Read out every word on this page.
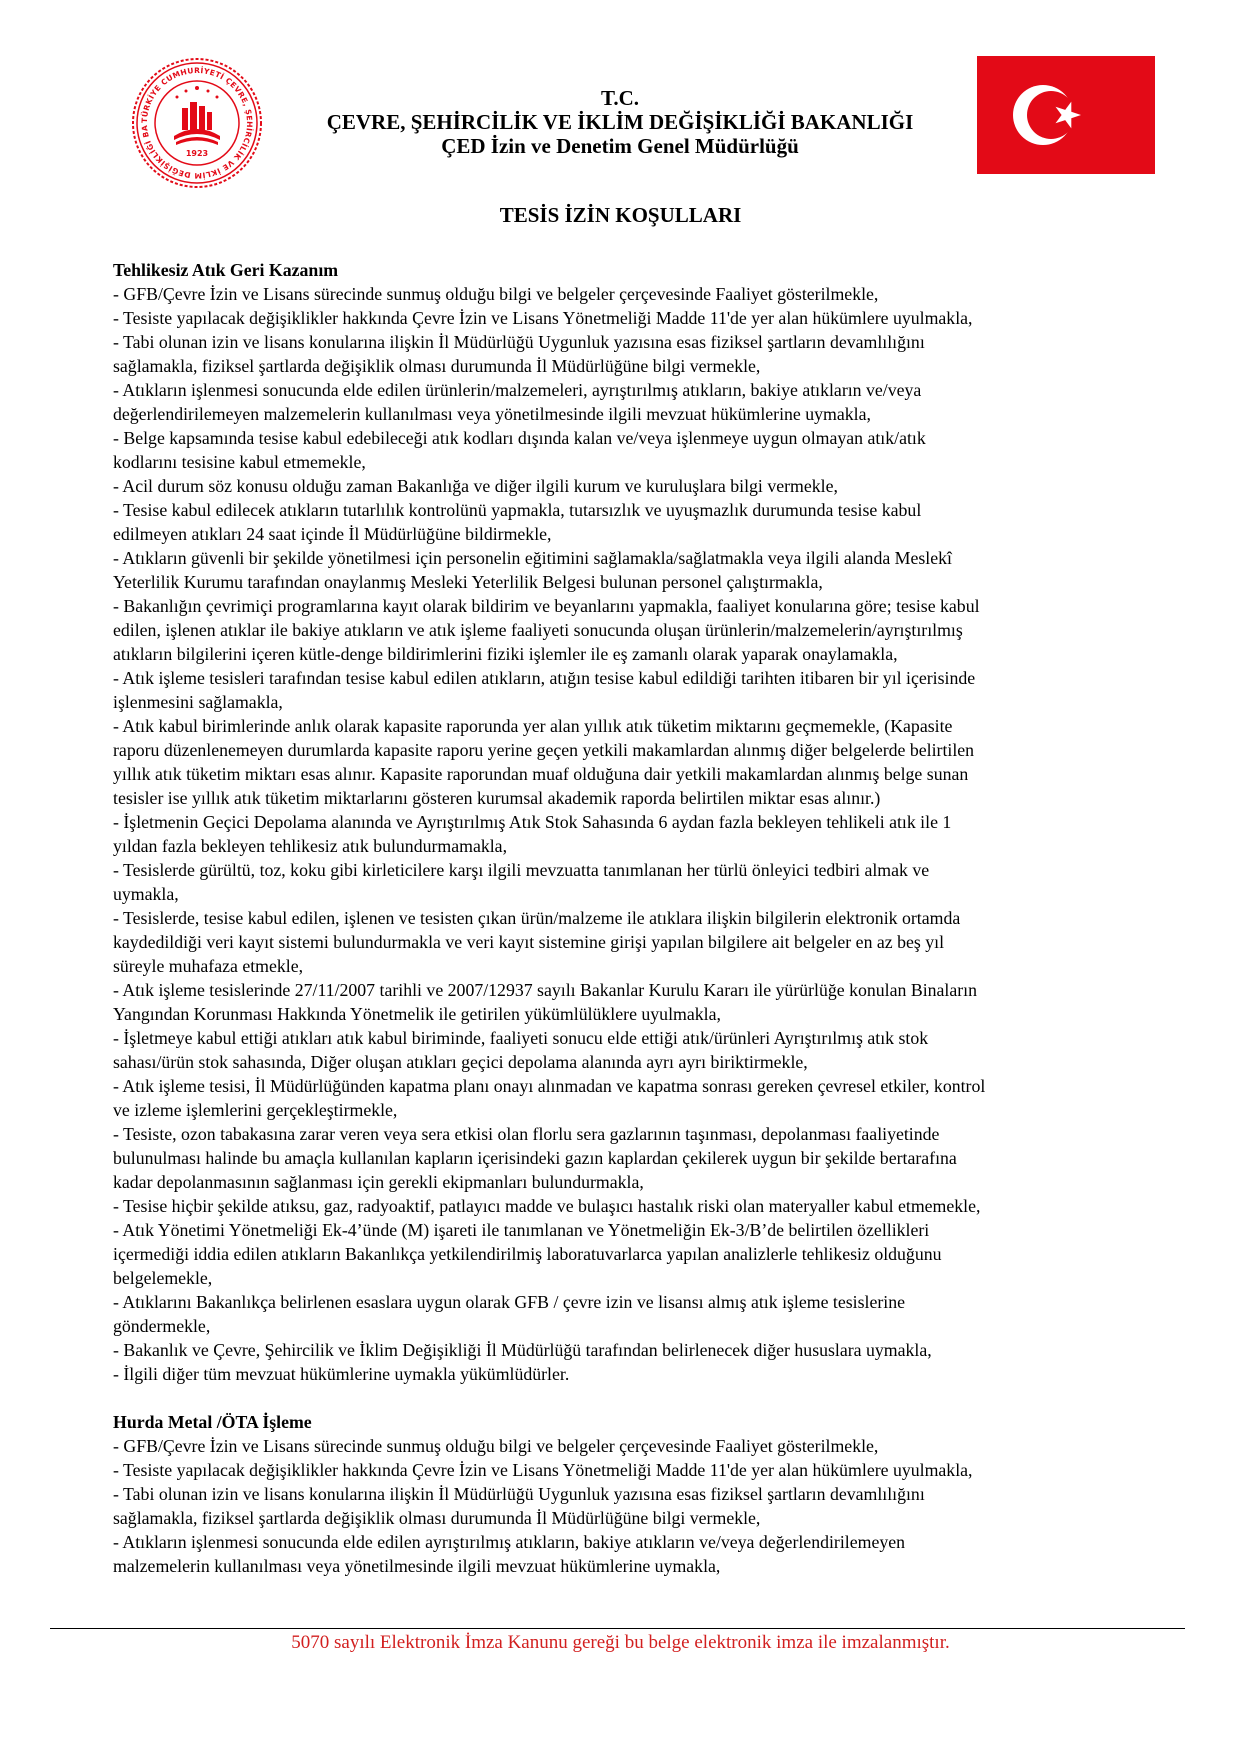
TÜRKİYE CUMHURİYETİ ÇEVRE, ŞEHİRCİLİK VE İKLİM DEĞİŞİKLİĞİ BA
1923
T.C.
ÇEVRE, ŞEHİRCİLİK VE İKLİM DEĞİŞİKLİĞİ BAKANLIĞI
ÇED İzin ve Denetim Genel Müdürlüğü
TESİS İZİN KOŞULLARI
Tehlikesiz Atık Geri Kazanım
- GFB/Çevre İzin ve Lisans sürecinde sunmuş olduğu bilgi ve belgeler çerçevesinde Faaliyet gösterilmekle,
- Tesiste yapılacak değişiklikler hakkında Çevre İzin ve Lisans Yönetmeliği Madde 11'de yer alan hükümlere uyulmakla,
- Tabi olunan izin ve lisans konularına ilişkin İl Müdürlüğü Uygunluk yazısına esas fiziksel şartların devamlılığını
sağlamakla, fiziksel şartlarda değişiklik olması durumunda İl Müdürlüğüne bilgi vermekle,
- Atıkların işlenmesi sonucunda elde edilen ürünlerin/malzemeleri, ayrıştırılmış atıkların, bakiye atıkların ve/veya
değerlendirilemeyen malzemelerin kullanılması veya yönetilmesinde ilgili mevzuat hükümlerine uymakla,
- Belge kapsamında tesise kabul edebileceği atık kodları dışında kalan ve/veya işlenmeye uygun olmayan atık/atık
kodlarını tesisine kabul etmemekle,
- Acil durum söz konusu olduğu zaman Bakanlığa ve diğer ilgili kurum ve kuruluşlara bilgi vermekle,
- Tesise kabul edilecek atıkların tutarlılık kontrolünü yapmakla, tutarsızlık ve uyuşmazlık durumunda tesise kabul
edilmeyen atıkları 24 saat içinde İl Müdürlüğüne bildirmekle,
- Atıkların güvenli bir şekilde yönetilmesi için personelin eğitimini sağlamakla/sağlatmakla veya ilgili alanda Meslekî
Yeterlilik Kurumu tarafından onaylanmış Mesleki Yeterlilik Belgesi bulunan personel çalıştırmakla,
- Bakanlığın çevrimiçi programlarına kayıt olarak bildirim ve beyanlarını yapmakla, faaliyet konularına göre; tesise kabul
edilen, işlenen atıklar ile bakiye atıkların ve atık işleme faaliyeti sonucunda oluşan ürünlerin/malzemelerin/ayrıştırılmış
atıkların bilgilerini içeren kütle-denge bildirimlerini fiziki işlemler ile eş zamanlı olarak yaparak onaylamakla,
- Atık işleme tesisleri tarafından tesise kabul edilen atıkların, atığın tesise kabul edildiği tarihten itibaren bir yıl içerisinde
işlenmesini sağlamakla,
- Atık kabul birimlerinde anlık olarak kapasite raporunda yer alan yıllık atık tüketim miktarını geçmemekle, (Kapasite
raporu düzenlenemeyen durumlarda kapasite raporu yerine geçen yetkili makamlardan alınmış diğer belgelerde belirtilen
yıllık atık tüketim miktarı esas alınır. Kapasite raporundan muaf olduğuna dair yetkili makamlardan alınmış belge sunan
tesisler ise yıllık atık tüketim miktarlarını gösteren kurumsal akademik raporda belirtilen miktar esas alınır.)
- İşletmenin Geçici Depolama alanında ve Ayrıştırılmış Atık Stok Sahasında 6 aydan fazla bekleyen tehlikeli atık ile 1
yıldan fazla bekleyen tehlikesiz atık bulundurmamakla,
- Tesislerde gürültü, toz, koku gibi kirleticilere karşı ilgili mevzuatta tanımlanan her türlü önleyici tedbiri almak ve
uymakla,
- Tesislerde, tesise kabul edilen, işlenen ve tesisten çıkan ürün/malzeme ile atıklara ilişkin bilgilerin elektronik ortamda
kaydedildiği veri kayıt sistemi bulundurmakla ve veri kayıt sistemine girişi yapılan bilgilere ait belgeler en az beş yıl
süreyle muhafaza etmekle,
- Atık işleme tesislerinde 27/11/2007 tarihli ve 2007/12937 sayılı Bakanlar Kurulu Kararı ile yürürlüğe konulan Binaların
Yangından Korunması Hakkında Yönetmelik ile getirilen yükümlülüklere uyulmakla,
- İşletmeye kabul ettiği atıkları atık kabul biriminde, faaliyeti sonucu elde ettiği atık/ürünleri Ayrıştırılmış atık stok
sahası/ürün stok sahasında, Diğer oluşan atıkları geçici depolama alanında ayrı ayrı biriktirmekle,
- Atık işleme tesisi, İl Müdürlüğünden kapatma planı onayı alınmadan ve kapatma sonrası gereken çevresel etkiler, kontrol
ve izleme işlemlerini gerçekleştirmekle,
- Tesiste, ozon tabakasına zarar veren veya sera etkisi olan florlu sera gazlarının taşınması, depolanması faaliyetinde
bulunulması halinde bu amaçla kullanılan kapların içerisindeki gazın kaplardan çekilerek uygun bir şekilde bertarafına
kadar depolanmasının sağlanması için gerekli ekipmanları bulundurmakla,
- Tesise hiçbir şekilde atıksu, gaz, radyoaktif, patlayıcı madde ve bulaşıcı hastalık riski olan materyaller kabul etmemekle,
- Atık Yönetimi Yönetmeliği Ek-4’ünde (M) işareti ile tanımlanan ve Yönetmeliğin Ek-3/B’de belirtilen özellikleri
içermediği iddia edilen atıkların Bakanlıkça yetkilendirilmiş laboratuvarlarca yapılan analizlerle tehlikesiz olduğunu
belgelemekle,
- Atıklarını Bakanlıkça belirlenen esaslara uygun olarak GFB / çevre izin ve lisansı almış atık işleme tesislerine
göndermekle,
- Bakanlık ve Çevre, Şehircilik ve İklim Değişikliği İl Müdürlüğü tarafından belirlenecek diğer hususlara uymakla,
- İlgili diğer tüm mevzuat hükümlerine uymakla yükümlüdürler.
Hurda Metal /ÖTA İşleme
- GFB/Çevre İzin ve Lisans sürecinde sunmuş olduğu bilgi ve belgeler çerçevesinde Faaliyet gösterilmekle,
- Tesiste yapılacak değişiklikler hakkında Çevre İzin ve Lisans Yönetmeliği Madde 11'de yer alan hükümlere uyulmakla,
- Tabi olunan izin ve lisans konularına ilişkin İl Müdürlüğü Uygunluk yazısına esas fiziksel şartların devamlılığını
sağlamakla, fiziksel şartlarda değişiklik olması durumunda İl Müdürlüğüne bilgi vermekle,
- Atıkların işlenmesi sonucunda elde edilen ayrıştırılmış atıkların, bakiye atıkların ve/veya değerlendirilemeyen
malzemelerin kullanılması veya yönetilmesinde ilgili mevzuat hükümlerine uymakla,
5070 sayılı Elektronik İmza Kanunu gereği bu belge elektronik imza ile imzalanmıştır.
